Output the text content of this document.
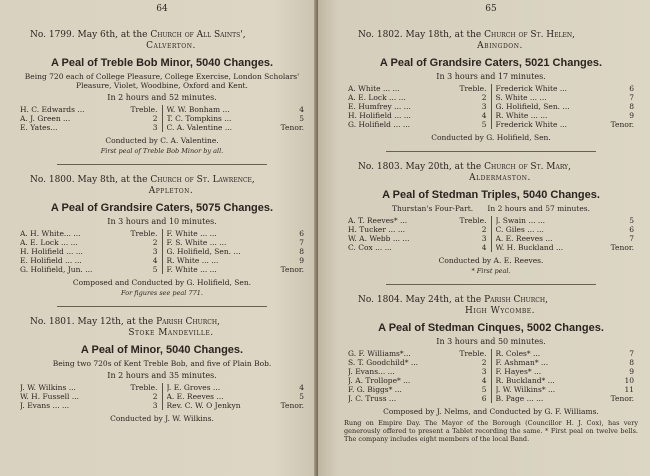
64
No. 1799. May 6th, at the Church of All Saints',
Calverton.
A Peal of Treble Bob Minor, 5040 Changes.
Being 720 each of College Pleasure, College Exercise, London Scholars' Pleasure, Violet, Woodbine, Oxford and Kent.
In 2 hours and 52 minutes.
H. C. Edwards ...	Treble.
A. J. Green ...	2
E. Yates...	3
W. W. Bonham ...	4
T. C. Tompkins ...	5
C. A. Valentine ...	Tenor.
Conducted by C. A. Valentine.
First peal of Treble Bob Minor by all.
No. 1800. May 8th, at the Church of St. Lawrence,
Appleton.
A Peal of Grandsire Caters, 5075 Changes.
In 3 hours and 10 minutes.
A. H. White... ...	Treble.
A. E. Lock ... ...	2
H. Holifield ... ...	3
E. Holifield ... ...	4
G. Holifield, Jun. ...	5
F. White ... ...	6
F. S. White ... ...	7
G. Holifield, Sen. ...	8
R. White ... ...	9
F. White ... ...	Tenor.
Composed and Conducted by G. Holifield, Sen.
For figures see peal 771.
No. 1801. May 12th, at the Parish Church,
Stoke Mandeville.
A Peal of Minor, 5040 Changes.
Being two 720s of Kent Treble Bob, and five of Plain Bob.
In 2 hours and 35 minutes.
J. W. Wilkins ...	Treble.
W. H. Fussell ...	2
J. Evans ... ...	3
J. E. Groves ...	4
A. E. Reeves ...	5
Rev. C. W. O Jenkyn	Tenor.
Conducted by J. W. Wilkins.
65
No. 1802. May 18th, at the Church of St. Helen,
Abingdon.
A Peal of Grandsire Caters, 5021 Changes.
In 3 hours and 17 minutes.
A. White ... ...	Treble.
A. E. Lock ... ...	2
E. Humfrey ... ...	3
H. Holifield ... ...	4
G. Holifield ... ...	5
Frederick White ...	6
S. White ... ...	7
G. Holifield, Sen. ...	8
R. White ... ...	9
Frederick White ...	Tenor.
Conducted by G. Holifield, Sen.
No. 1803. May 20th, at the Church of St. Mary,
Aldermaston.
A Peal of Stedman Triples, 5040 Changes.
Thurstan's Four-Part.      In 2 hours and 57 minutes.
A. T. Reeves* ...	Treble.
H. Tucker ... ...	2
W. A. Webb ... ...	3
C. Cox ... ...	4
J. Swain ... ...	5
C. Giles ... ...	6
A. E. Reeves ...	7
W. H. Buckland ...	Tenor.
Conducted by A. E. Reeves.
* First peal.
No. 1804. May 24th, at the Parish Church,
High Wycombe.
A Peal of Stedman Cinques, 5002 Changes.
In 3 hours and 50 minutes.
G. F. Williams*...	Treble.
S. T. Goodchild* ...	2
J. Evans... ...	3
J. A. Trollope* ...	4
F. G. Biggs* ...	5
J. C. Truss ...	6
R. Coles* ...	7
F. Ashman* ...	8
F. Hayes* ...	9
R. Buckland* ...	10
J. W. Wilkins* ...	11
B. Page ... ...	Tenor.
Composed by J. Nelms, and Conducted by G. F. Williams.
Rung on Empire Day. The Mayor of the Borough (Councillor H. J. Cox), has very generously offered to present a Tablet recording the same. * First peal on twelve bells. The company includes eight members of the local Band.
